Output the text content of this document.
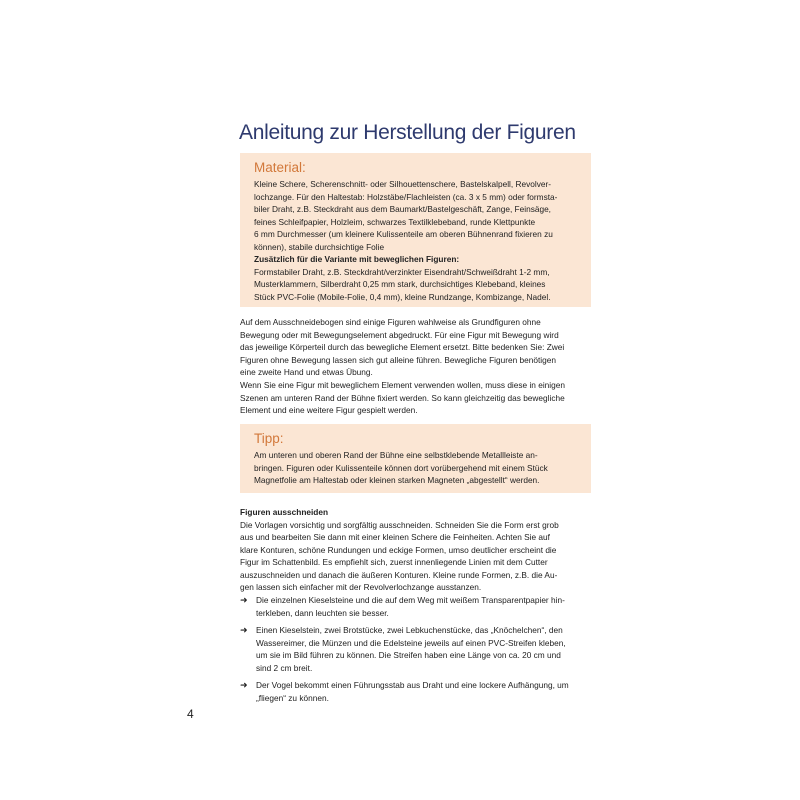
Anleitung zur Herstellung der Figuren
Material:

Kleine Schere, Scherenschnitt- oder Silhouettenschere, Bastelskalpell, Revolver-

lochzange. Für den Haltestab: Holzstäbe/Flachleisten (ca. 3 x 5 mm) oder formsta-

biler Draht, z.B. Steckdraht aus dem Baumarkt/Bastelgeschäft, Zange, Feinsäge,

feines Schleifpapier, Holzleim, schwarzes Textilklebeband, runde Klettpunkte

6 mm Durchmesser (um kleinere Kulissenteile am oberen Bühnenrand fixieren zu

können), stabile durchsichtige Folie

Zusätzlich für die Variante mit beweglichen Figuren:

Formstabiler Draht, z.B. Steckdraht/verzinkter Eisendraht/Schweißdraht 1-2 mm,

Musterklammern, Silberdraht 0,25 mm stark, durchsichtiges Klebeband, kleines

Stück PVC-Folie (Mobile-Folie, 0,4 mm), kleine Rundzange, Kombizange, Nadel.

Auf dem Ausschneidebogen sind einige Figuren wahlweise als Grundfiguren ohne

Bewegung oder mit Bewegungselement abgedruckt. Für eine Figur mit Bewegung wird

das jeweilige Körperteil durch das bewegliche Element ersetzt. Bitte bedenken Sie: Zwei

Figuren ohne Bewegung lassen sich gut alleine führen. Bewegliche Figuren benötigen

eine zweite Hand und etwas Übung.

Wenn Sie eine Figur mit beweglichem Element verwenden wollen, muss diese in einigen

Szenen am unteren Rand der Bühne fixiert werden. So kann gleichzeitig das bewegliche

Element und eine weitere Figur gespielt werden.

Tipp:

Am unteren und oberen Rand der Bühne eine selbstklebende Metallleiste an-

bringen. Figuren oder Kulissenteile können dort vorübergehend mit einem Stück

Magnetfolie am Haltestab oder kleinen starken Magneten „abgestellt“ werden.

Figuren ausschneiden

Die Vorlagen vorsichtig und sorgfältig ausschneiden. Schneiden Sie die Form erst grob

aus und bearbeiten Sie dann mit einer kleinen Schere die Feinheiten. Achten Sie auf

klare Konturen, schöne Rundungen und eckige Formen, umso deutlicher erscheint die

Figur im Schattenbild. Es empfiehlt sich, zuerst innenliegende Linien mit dem Cutter

auszuschneiden und danach die äußeren Konturen. Kleine runde Formen, z.B. die Au-

gen lassen sich einfacher mit der Revolverlochzange ausstanzen.

➜ Die einzelnen Kieselsteine und die auf dem Weg mit weißem Transparentpapier hin-

terkleben, dann leuchten sie besser.

➜ Einen Kieselstein, zwei Brotstücke, zwei Lebkuchenstücke, das „Knöchelchen“, den

Wassereimer, die Münzen und die Edelsteine jeweils auf einen PVC-Streifen kleben,

um sie im Bild führen zu können. Die Streifen haben eine Länge von ca. 20 cm und

sind 2 cm breit.

➜ Der Vogel bekommt einen Führungsstab aus Draht und eine lockere Aufhängung, um

„fliegen“ zu können.

4
